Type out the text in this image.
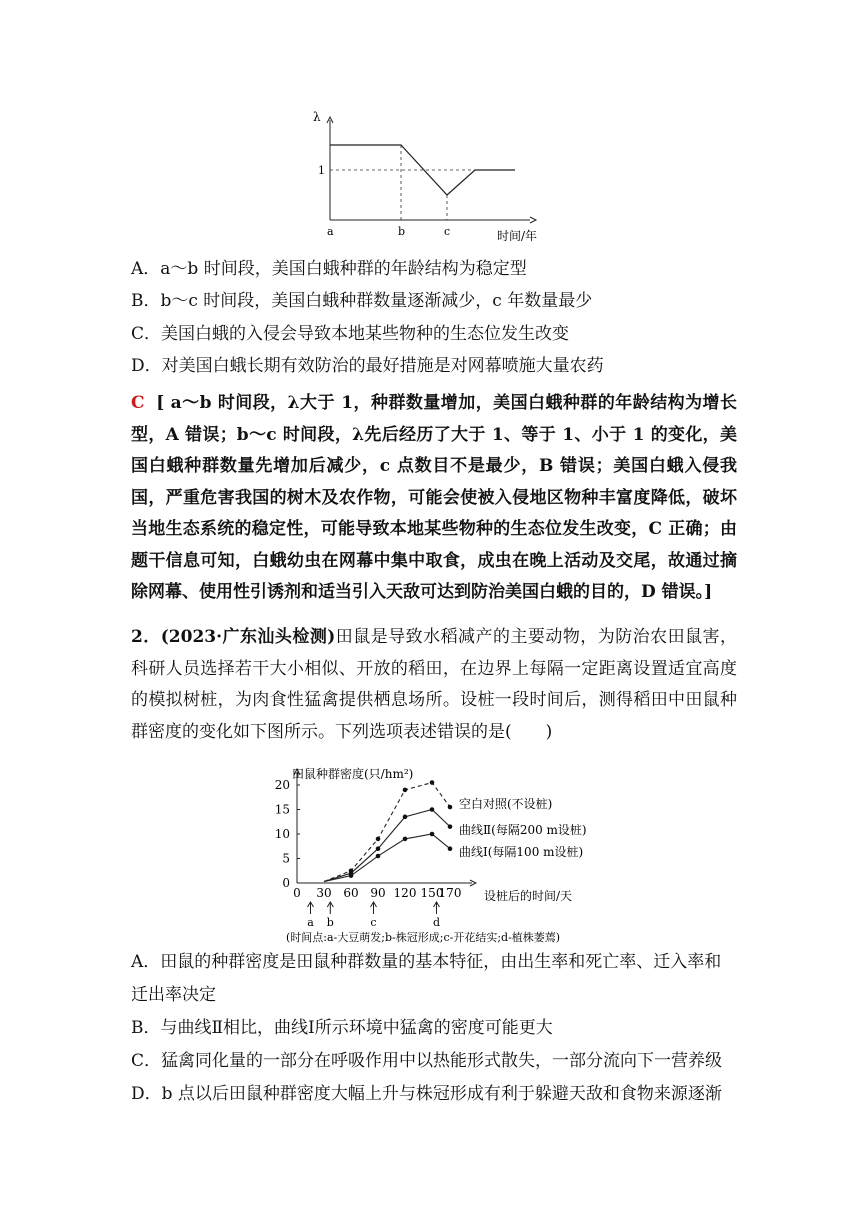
λ
时间/年
1
a	b	c
A．a～b 时间段，美国白蛾种群的年龄结构为稳定型
B．b～c 时间段，美国白蛾种群数量逐渐减少，c 年数量最少
C．美国白蛾的入侵会导致本地某些物种的生态位发生改变
D．对美国白蛾长期有效防治的最好措施是对网幕喷施大量农药
C [ a～b 时间段，λ大于 1，种群数量增加，美国白蛾种群的年龄结构为增长型，A 错误；b～c 时间段，λ先后经历了大于 1、等于 1、小于 1 的变化，美国白蛾种群数量先增加后减少，c 点数目不是最少，B 错误；美国白蛾入侵我国，严重危害我国的树木及农作物，可能会使被入侵地区物种丰富度降低，破坏当地生态系统的稳定性，可能导致本地某些物种的生态位发生改变，C 正确；由题干信息可知，白蛾幼虫在网幕中集中取食，成虫在晚上活动及交尾，故通过摘除网幕、使用性引诱剂和适当引入天敌可达到防治美国白蛾的目的，D 错误。]
2．(2023·广东汕头检测)田鼠是导致水稻减产的主要动物，为防治农田鼠害，科研人员选择若干大小相似、开放的稻田，在边界上每隔一定距离设置适宜高度的模拟树桩，为肉食性猛禽提供栖息场所。设桩一段时间后，测得稻田中田鼠种群密度的变化如下图所示。下列选项表述错误的是(　　)
田鼠种群密度(只/hm²)
设桩后的时间/天
0
5
10
15
20
0 30 60 90 120 150
170
空白对照(不设桩)
曲线Ⅱ(每隔200 m设桩)
曲线Ⅰ(每隔100 m设桩)
a b	c	d
(时间点:a-大豆萌发;b-株冠形成;c-开花结实;d-植株萎蔫)
A．田鼠的种群密度是田鼠种群数量的基本特征，由出生率和死亡率、迁入率和
B．与曲线Ⅱ相比，曲线Ⅰ所示环境中猛禽的密度可能更大
C．猛禽同化量的一部分在呼吸作用中以热能形式散失，一部分流向下一营养级
D．b 点以后田鼠种群密度大幅上升与株冠形成有利于躲避天敌和食物来源逐渐
迁出率决定
